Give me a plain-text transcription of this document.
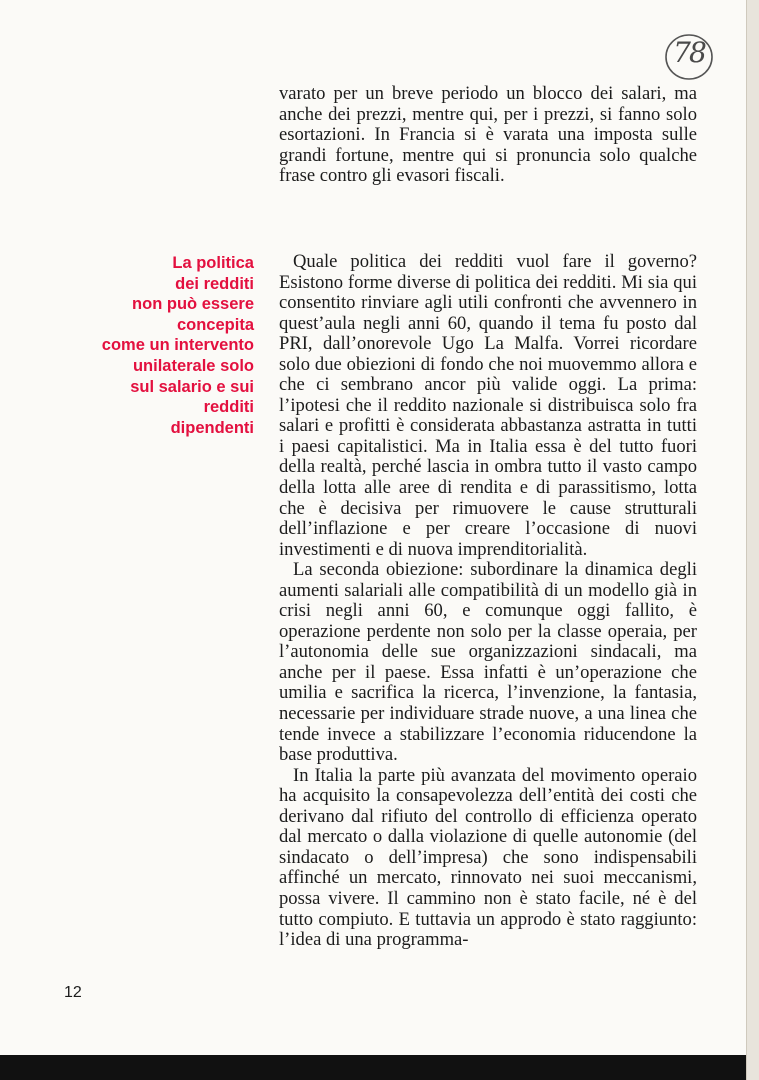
78

varato per un breve periodo un blocco dei salari, ma anche dei prezzi, mentre qui, per i prezzi, si fanno solo esortazioni. In Francia si è varata una imposta sulle grandi fortune, mentre qui si pronuncia solo qualche frase contro gli evasori fiscali.

La politica
dei redditi
non può essere
concepita
come un intervento
unilaterale solo
sul salario e sui
redditi
dipendenti

Quale politica dei redditi vuol fare il governo? Esistono forme diverse di politica dei redditi. Mi sia qui consentito rinviare agli utili confronti che avvennero in quest’aula negli anni 60, quando il tema fu posto dal PRI, dall’onorevole Ugo La Malfa. Vorrei ricordare solo due obiezioni di fondo che noi muovemmo allora e che ci sembrano ancor più valide oggi. La prima: l’ipotesi che il reddito nazionale si distribuisca solo fra salari e profitti è considerata abbastanza astratta in tutti i paesi capitalistici. Ma in Italia essa è del tutto fuori della realtà, perché lascia in ombra tutto il vasto campo della lotta alle aree di rendita e di parassitismo, lotta che è decisiva per rimuovere le cause strutturali dell’inflazione e per creare l’occasione di nuovi investimenti e di nuova imprenditorialità.

La seconda obiezione: subordinare la dinamica degli aumenti salariali alle compatibilità di un modello già in crisi negli anni 60, e comunque oggi fallito, è operazione perdente non solo per la classe operaia, per l’autonomia delle sue organizzazioni sindacali, ma anche per il paese. Essa infatti è un’operazione che umilia e sacrifica la ricerca, l’invenzione, la fantasia, necessarie per individuare strade nuove, a una linea che tende invece a stabilizzare l’economia riducendone la base produttiva.

In Italia la parte più avanzata del movimento operaio ha acquisito la consapevolezza dell’entità dei costi che derivano dal rifiuto del controllo di efficienza operato dal mercato o dalla violazione di quelle autonomie (del sindacato o dell’impresa) che sono indispensabili affinché un mercato, rinnovato nei suoi meccanismi, possa vivere. Il cammino non è stato facile, né è del tutto compiuto. E tuttavia un approdo è stato raggiunto: l’idea di una programma-

12
